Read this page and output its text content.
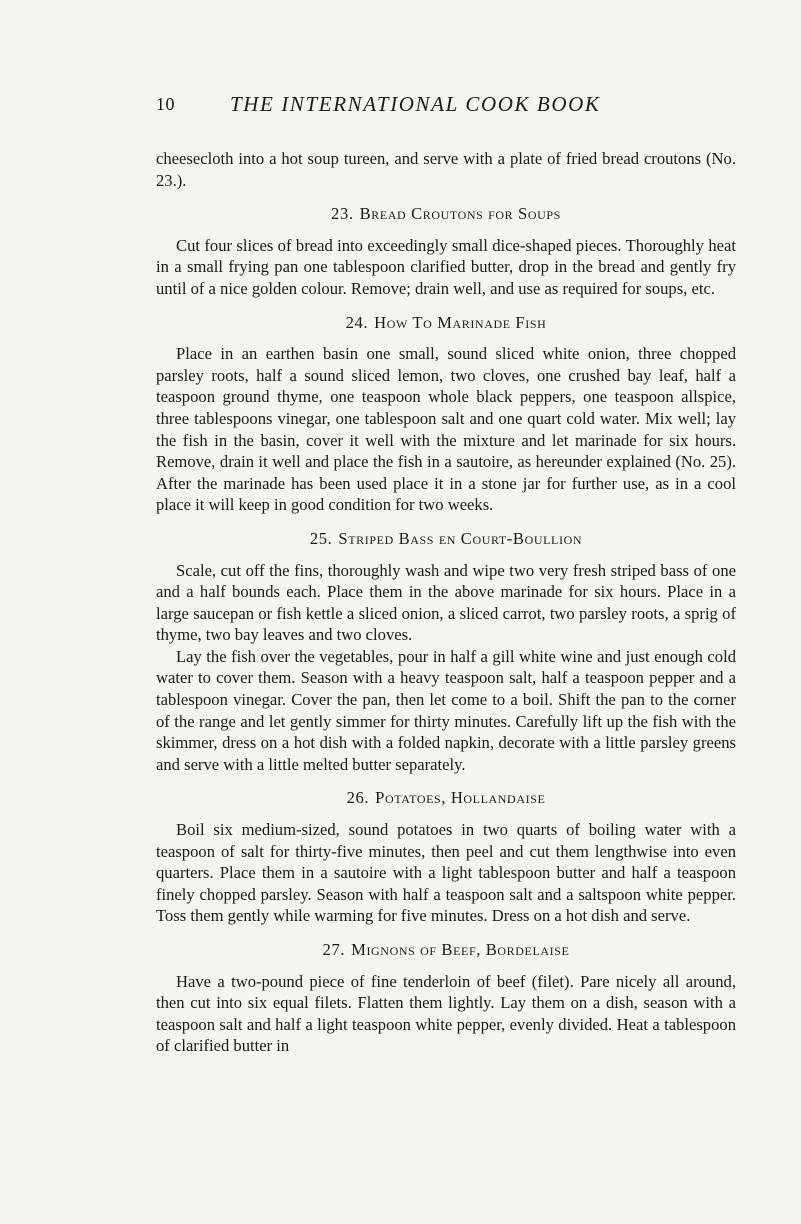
10	THE INTERNATIONAL COOK BOOK

cheesecloth into a hot soup tureen, and serve with a plate of fried bread croutons (No. 23.).

23. Bread Croutons for Soups

Cut four slices of bread into exceedingly small dice-shaped pieces. Thoroughly heat in a small frying pan one tablespoon clarified butter, drop in the bread and gently fry until of a nice golden colour. Remove; drain well, and use as required for soups, etc.

24. How To Marinade Fish

Place in an earthen basin one small, sound sliced white onion, three chopped parsley roots, half a sound sliced lemon, two cloves, one crushed bay leaf, half a teaspoon ground thyme, one teaspoon whole black peppers, one teaspoon allspice, three tablespoons vinegar, one tablespoon salt and one quart cold water. Mix well; lay the fish in the basin, cover it well with the mixture and let marinade for six hours. Remove, drain it well and place the fish in a sautoire, as hereunder explained (No. 25). After the marinade has been used place it in a stone jar for further use, as in a cool place it will keep in good condition for two weeks.

25. Striped Bass en Court-Boullion

Scale, cut off the fins, thoroughly wash and wipe two very fresh striped bass of one and a half bounds each. Place them in the above marinade for six hours. Place in a large saucepan or fish kettle a sliced onion, a sliced carrot, two parsley roots, a sprig of thyme, two bay leaves and two cloves.

Lay the fish over the vegetables, pour in half a gill white wine and just enough cold water to cover them. Season with a heavy teaspoon salt, half a teaspoon pepper and a tablespoon vinegar. Cover the pan, then let come to a boil. Shift the pan to the corner of the range and let gently simmer for thirty minutes. Carefully lift up the fish with the skimmer, dress on a hot dish with a folded napkin, decorate with a little parsley greens and serve with a little melted butter separately.

26. Potatoes, Hollandaise

Boil six medium-sized, sound potatoes in two quarts of boiling water with a teaspoon of salt for thirty-five minutes, then peel and cut them lengthwise into even quarters. Place them in a sautoire with a light tablespoon butter and half a teaspoon finely chopped parsley. Season with half a teaspoon salt and a saltspoon white pepper. Toss them gently while warming for five minutes. Dress on a hot dish and serve.

27. Mignons of Beef, Bordelaise

Have a two-pound piece of fine tenderloin of beef (filet). Pare nicely all around, then cut into six equal filets. Flatten them lightly. Lay them on a dish, season with a teaspoon salt and half a light teaspoon white pepper, evenly divided. Heat a tablespoon of clarified butter in
